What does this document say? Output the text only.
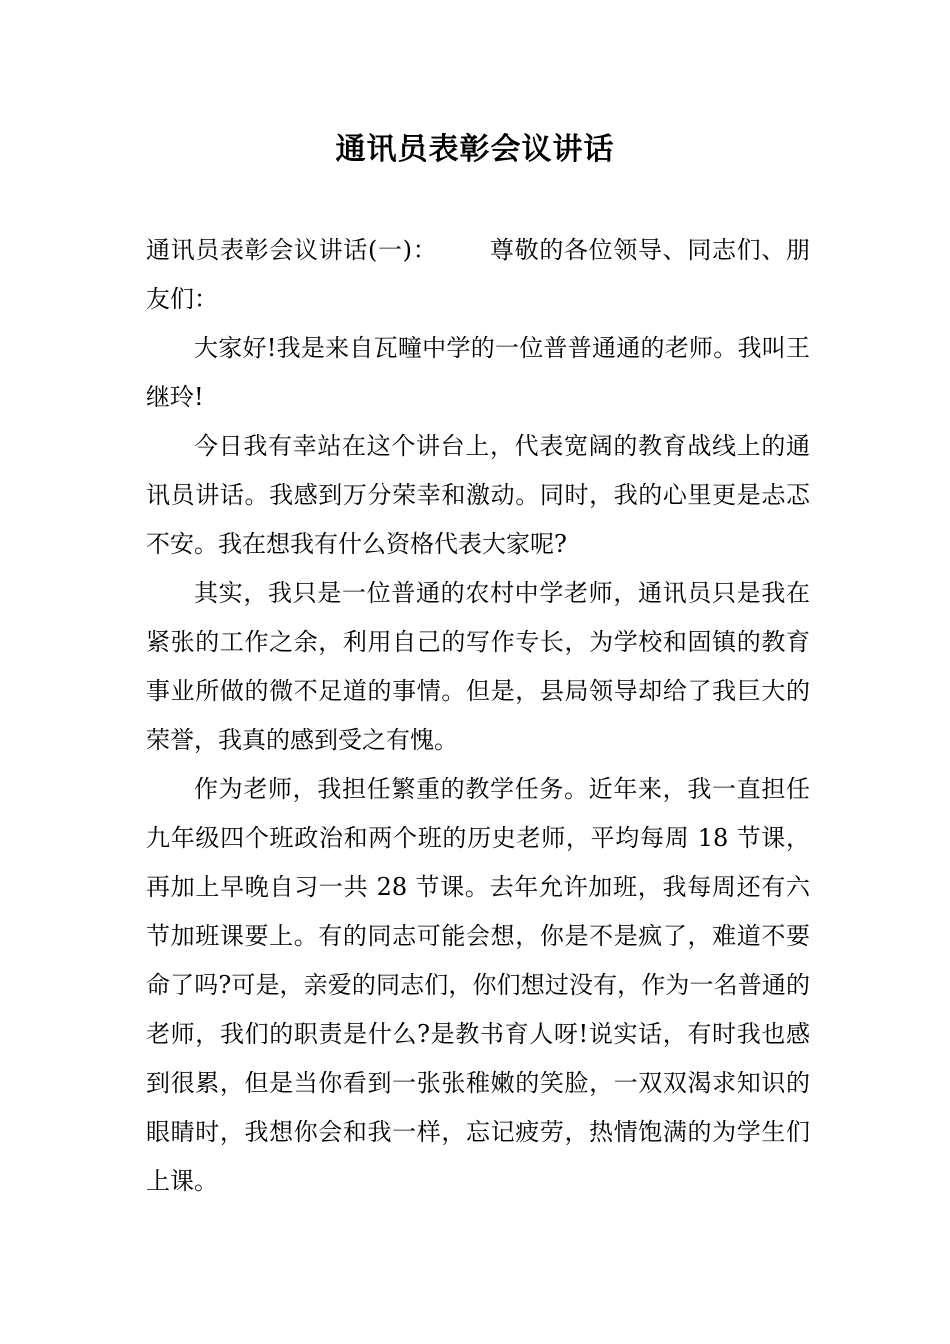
通讯员表彰会议讲话

通讯员表彰会议讲话(一)： 尊敬的各位领导、同志们、朋友们：

大家好!我是来自瓦疃中学的一位普普通通的老师。我叫王继玲!

今日我有幸站在这个讲台上，代表宽阔的教育战线上的通讯员讲话。我感到万分荣幸和激动。同时，我的心里更是忐忑不安。我在想我有什么资格代表大家呢?

其实，我只是一位普通的农村中学老师，通讯员只是我在紧张的工作之余，利用自己的写作专长，为学校和固镇的教育事业所做的微不足道的事情。但是，县局领导却给了我巨大的荣誉，我真的感到受之有愧。

作为老师，我担任繁重的教学任务。近年来，我一直担任九年级四个班政治和两个班的历史老师，平均每周 18 节课，再加上早晚自习一共 28 节课。去年允许加班，我每周还有六节加班课要上。有的同志可能会想，你是不是疯了，难道不要命了吗?可是，亲爱的同志们，你们想过没有，作为一名普通的老师，我们的职责是什么?是教书育人呀!说实话，有时我也感到很累，但是当你看到一张张稚嫩的笑脸，一双双渴求知识的眼睛时，我想你会和我一样，忘记疲劳，热情饱满的为学生们上课。
